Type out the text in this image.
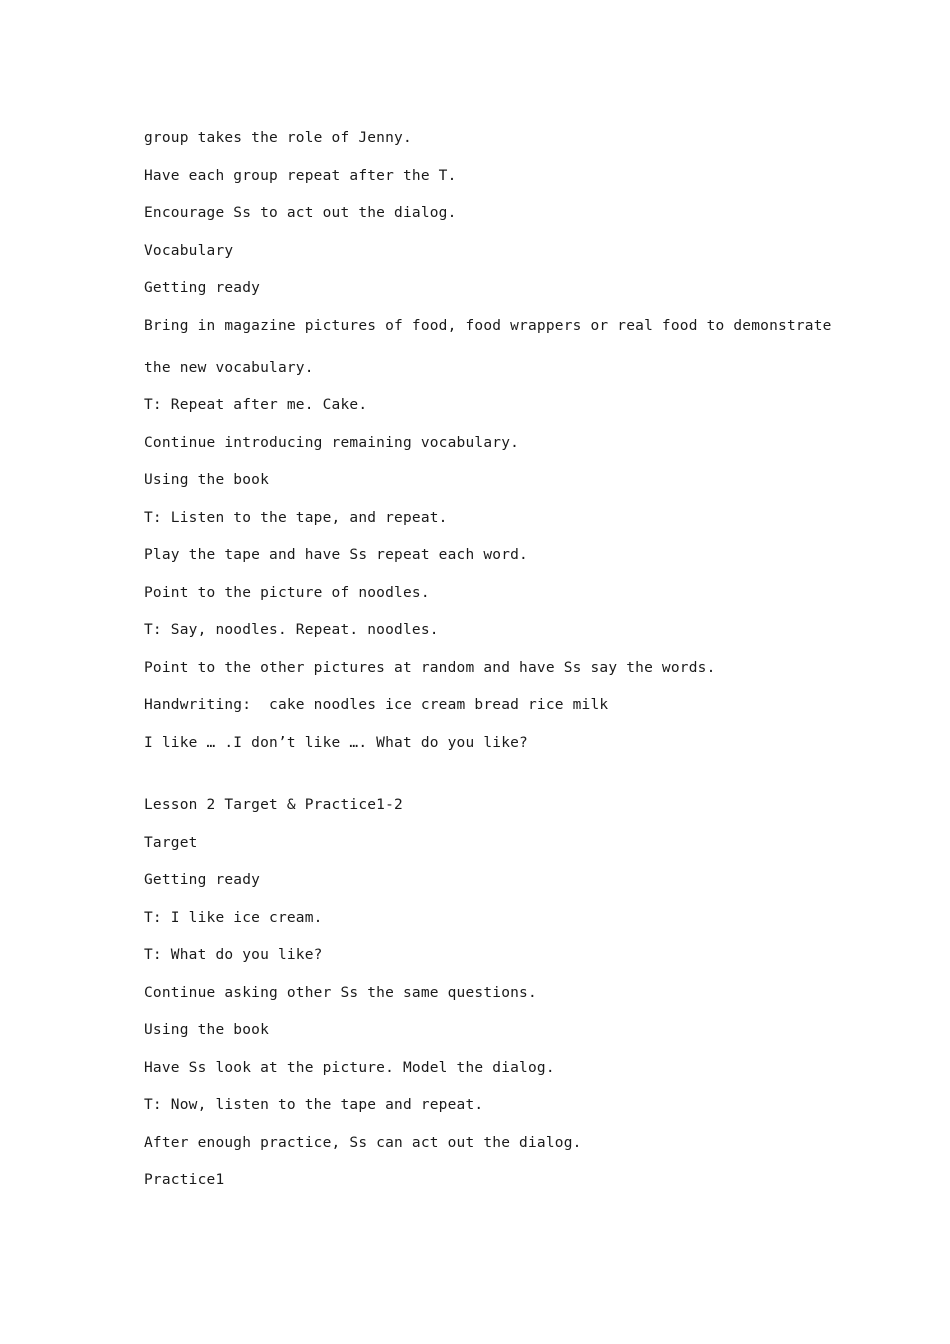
group takes the role of Jenny.
Have each group repeat after the T.
Encourage Ss to act out the dialog.
Vocabulary
Getting ready
Bring in magazine pictures of food, food wrappers or real food to demonstrate
the new vocabulary.
T: Repeat after me. Cake.
Continue introducing remaining vocabulary.
Using the book
T: Listen to the tape, and repeat.
Play the tape and have Ss repeat each word.
Point to the picture of noodles.
T: Say, noodles. Repeat. noodles.
Point to the other pictures at random and have Ss say the words.
Handwriting:  cake noodles ice cream bread rice milk
I like … .I don’t like …. What do you like?
Lesson 2 Target & Practice1-2
Target
Getting ready
T: I like ice cream.
T: What do you like?
Continue asking other Ss the same questions.
Using the book
Have Ss look at the picture. Model the dialog.
T: Now, listen to the tape and repeat.
After enough practice, Ss can act out the dialog.
Practice1
